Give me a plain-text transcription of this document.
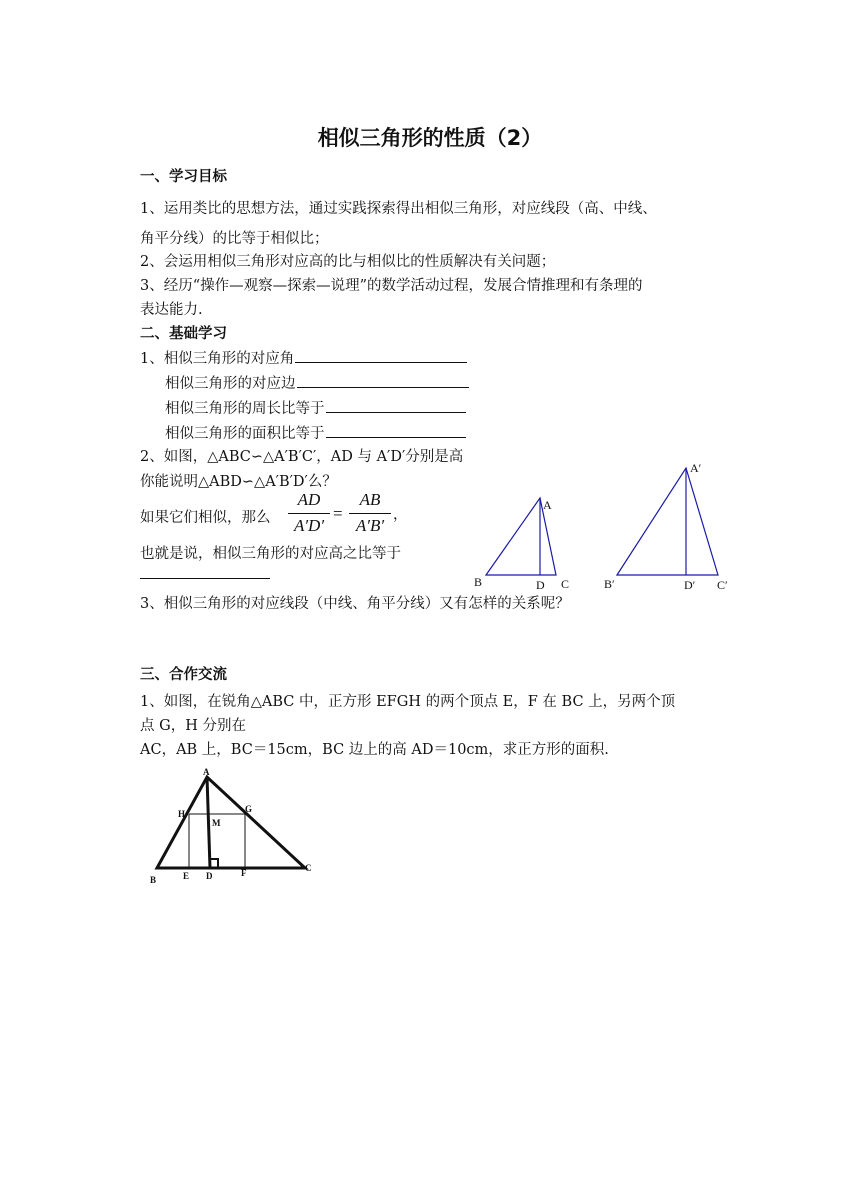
相似三角形的性质（2）
一、学习目标
1、运用类比的思想方法，通过实践探索得出相似三角形，对应线段（高、中线、
角平分线）的比等于相似比；
2、会运用相似三角形对应高的比与相似比的性质解决有关问题；
3、经历“操作—观察—探索—说理”的数学活动过程，发展合情推理和有条理的
表达能力.
二、基础学习
1、相似三角形的对应角
相似三角形的对应边
相似三角形的周长比等于
相似三角形的面积比等于
2、如图，△ABC∽△A′B′C′，AD 与 A′D′分别是高
你能说明△ABD∽△A′B′D′么？
如果它们相似，那么
AD
A′D′
=
AB
A′B′
，
也就是说，相似三角形的对应高之比等于
3、相似三角形的对应线段（中线、角平分线）又有怎样的关系呢？
A
B	D C
A′
B′	D′ C′
三、合作交流
1、如图，在锐角△ABC 中，正方形 EFGH 的两个顶点 E，F 在 BC 上，另两个顶
点 G，H 分别在
AC，AB 上，BC＝15cm，BC 边上的高 AD＝10cm，求正方形的面积.
A
H	G
M
B	E D	F	C
